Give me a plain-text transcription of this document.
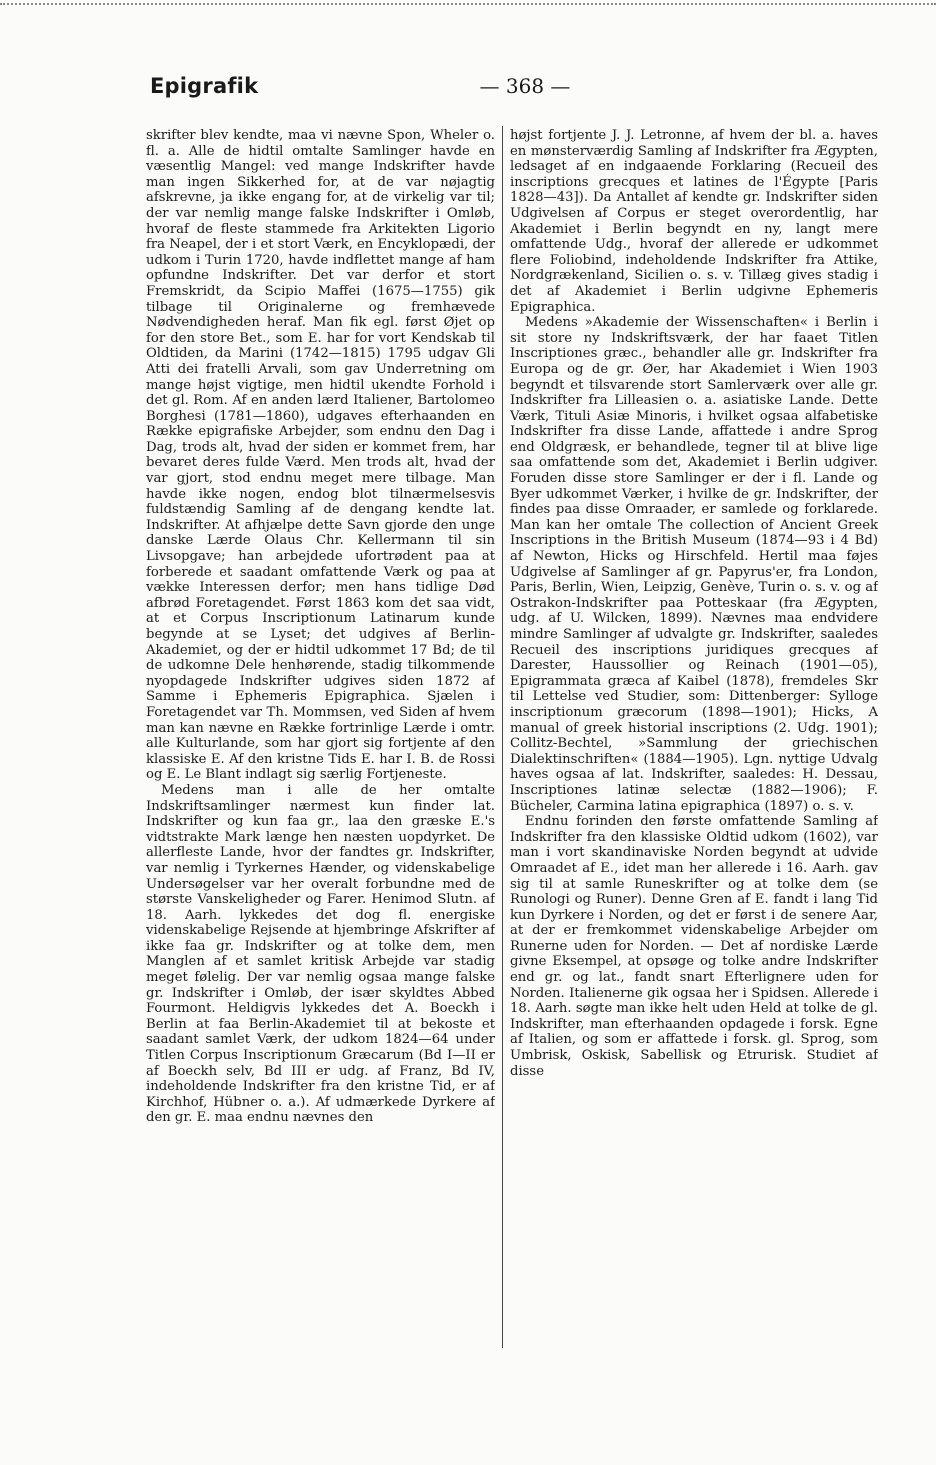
Epigrafik	— 368 —

skrifter blev kendte, maa vi nævne Spon, Wheler o. fl. a. Alle de hidtil omtalte Samlinger havde en væsentlig Mangel: ved mange Indskrifter havde man ingen Sikkerhed for, at de var nøjagtig afskrevne, ja ikke engang for, at de virkelig var til; der var nemlig mange falske Indskrifter i Omløb, hvoraf de fleste stammede fra Arkitekten Ligorio fra Neapel, der i et stort Værk, en Encyklopædi, der udkom i Turin 1720, havde indflettet mange af ham opfundne Indskrifter. Det var derfor et stort Fremskridt, da Scipio Maffei (1675—1755) gik tilbage til Originalerne og fremhævede Nødvendigheden heraf. Man fik egl. først Øjet op for den store Bet., som E. har for vort Kendskab til Oldtiden, da Marini (1742—1815) 1795 udgav Gli Atti dei fratelli Arvali, som gav Underretning om mange højst vigtige, men hidtil ukendte Forhold i det gl. Rom. Af en anden lærd Italiener, Bartolomeo Borghesi (1781—1860), udgaves efterhaanden en Række epigrafiske Arbejder, som endnu den Dag i Dag, trods alt, hvad der siden er kommet frem, har bevaret deres fulde Værd. Men trods alt, hvad der var gjort, stod endnu meget mere tilbage. Man havde ikke nogen, endog blot tilnærmelsesvis fuldstændig Samling af de dengang kendte lat. Indskrifter. At afhjælpe dette Savn gjorde den unge danske Lærde Olaus Chr. Kellermann til sin Livsopgave; han arbejdede ufortrødent paa at forberede et saadant omfattende Værk og paa at vække Interessen derfor; men hans tidlige Død afbrød Foretagendet. Først 1863 kom det saa vidt, at et Corpus Inscriptionum Latinarum kunde begynde at se Lyset; det udgives af Berlin-Akademiet, og der er hidtil udkommet 17 Bd; de til de udkomne Dele henhørende, stadig tilkommende nyopdagede Indskrifter udgives siden 1872 af Samme i Ephemeris Epigraphica. Sjælen i Foretagendet var Th. Mommsen, ved Siden af hvem man kan nævne en Række fortrinlige Lærde i omtr. alle Kulturlande, som har gjort sig fortjente af den klassiske E. Af den kristne Tids E. har I. B. de Rossi og E. Le Blant indlagt sig særlig Fortjeneste.

Medens man i alle de her omtalte Indskriftsamlinger nærmest kun finder lat. Indskrifter og kun faa gr., laa den græske E.'s vidtstrakte Mark længe hen næsten uopdyrket. De allerfleste Lande, hvor der fandtes gr. Indskrifter, var nemlig i Tyrkernes Hænder, og videnskabelige Undersøgelser var her overalt forbundne med de største Vanskeligheder og Farer. Henimod Slutn. af 18. Aarh. lykkedes det dog fl. energiske videnskabelige Rejsende at hjembringe Afskrifter af ikke faa gr. Indskrifter og at tolke dem, men Manglen af et samlet kritisk Arbejde var stadig meget følelig. Der var nemlig ogsaa mange falske gr. Indskrifter i Omløb, der især skyldtes Abbed Fourmont. Heldigvis lykkedes det A. Boeckh i Berlin at faa Berlin-Akademiet til at bekoste et saadant samlet Værk, der udkom 1824—64 under Titlen Corpus Inscriptionum Græcarum (Bd I—II er af Boeckh selv, Bd III er udg. af Franz, Bd IV, indeholdende Indskrifter fra den kristne Tid, er af Kirchhof, Hübner o. a.). Af udmærkede Dyrkere af den gr. E. maa endnu nævnes den

højst fortjente J. J. Letronne, af hvem der bl. a. haves en mønsterværdig Samling af Indskrifter fra Ægypten, ledsaget af en indgaaende Forklaring (Recueil des inscriptions grecques et latines de l'Égypte [Paris 1828—43]). Da Antallet af kendte gr. Indskrifter siden Udgivelsen af Corpus er steget overordentlig, har Akademiet i Berlin begyndt en ny, langt mere omfattende Udg., hvoraf der allerede er udkommet flere Foliobind, indeholdende Indskrifter fra Attike, Nordgrækenland, Sicilien o. s. v. Tillæg gives stadig i det af Akademiet i Berlin udgivne Ephemeris Epigraphica.

Medens »Akademie der Wissenschaften« i Berlin i sit store ny Indskriftsværk, der har faaet Titlen Inscriptiones græc., behandler alle gr. Indskrifter fra Europa og de gr. Øer, har Akademiet i Wien 1903 begyndt et tilsvarende stort Samlerværk over alle gr. Indskrifter fra Lilleasien o. a. asiatiske Lande. Dette Værk, Tituli Asiæ Minoris, i hvilket ogsaa alfabetiske Indskrifter fra disse Lande, affattede i andre Sprog end Oldgræsk, er behandlede, tegner til at blive lige saa omfattende som det, Akademiet i Berlin udgiver. Foruden disse store Samlinger er der i fl. Lande og Byer udkommet Værker, i hvilke de gr. Indskrifter, der findes paa disse Omraader, er samlede og forklarede. Man kan her omtale The collection of Ancient Greek Inscriptions in the British Museum (1874—93 i 4 Bd) af Newton, Hicks og Hirschfeld. Hertil maa føjes Udgivelse af Samlinger af gr. Papyrus'er, fra London, Paris, Berlin, Wien, Leipzig, Genève, Turin o. s. v. og af Ostrakon-Indskrifter paa Potteskaar (fra Ægypten, udg. af U. Wilcken, 1899). Nævnes maa endvidere mindre Samlinger af udvalgte gr. Indskrifter, saaledes Recueil des inscriptions juridiques grecques af Darester, Haussollier og Reinach (1901—05), Epigrammata græca af Kaibel (1878), fremdeles Skr til Lettelse ved Studier, som: Dittenberger: Sylloge inscriptionum græcorum (1898—1901); Hicks, A manual of greek historial inscriptions (2. Udg. 1901); Collitz-Bechtel, »Sammlung der griechischen Dialektinschriften« (1884—1905). Lgn. nyttige Udvalg haves ogsaa af lat. Indskrifter, saaledes: H. Dessau, Inscriptiones latinæ selectæ (1882—1906); F. Bücheler, Carmina latina epigraphica (1897) o. s. v.

Endnu forinden den første omfattende Samling af Indskrifter fra den klassiske Oldtid udkom (1602), var man i vort skandinaviske Norden begyndt at udvide Omraadet af E., idet man her allerede i 16. Aarh. gav sig til at samle Runeskrifter og at tolke dem (se Runologi og Runer). Denne Gren af E. fandt i lang Tid kun Dyrkere i Norden, og det er først i de senere Aar, at der er fremkommet videnskabelige Arbejder om Runerne uden for Norden. — Det af nordiske Lærde givne Eksempel, at opsøge og tolke andre Indskrifter end gr. og lat., fandt snart Efterlignere uden for Norden. Italienerne gik ogsaa her i Spidsen. Allerede i 18. Aarh. søgte man ikke helt uden Held at tolke de gl. Indskrifter, man efterhaanden opdagede i forsk. Egne af Italien, og som er affattede i forsk. gl. Sprog, som Umbrisk, Oskisk, Sabellisk og Etrurisk. Studiet af disse
